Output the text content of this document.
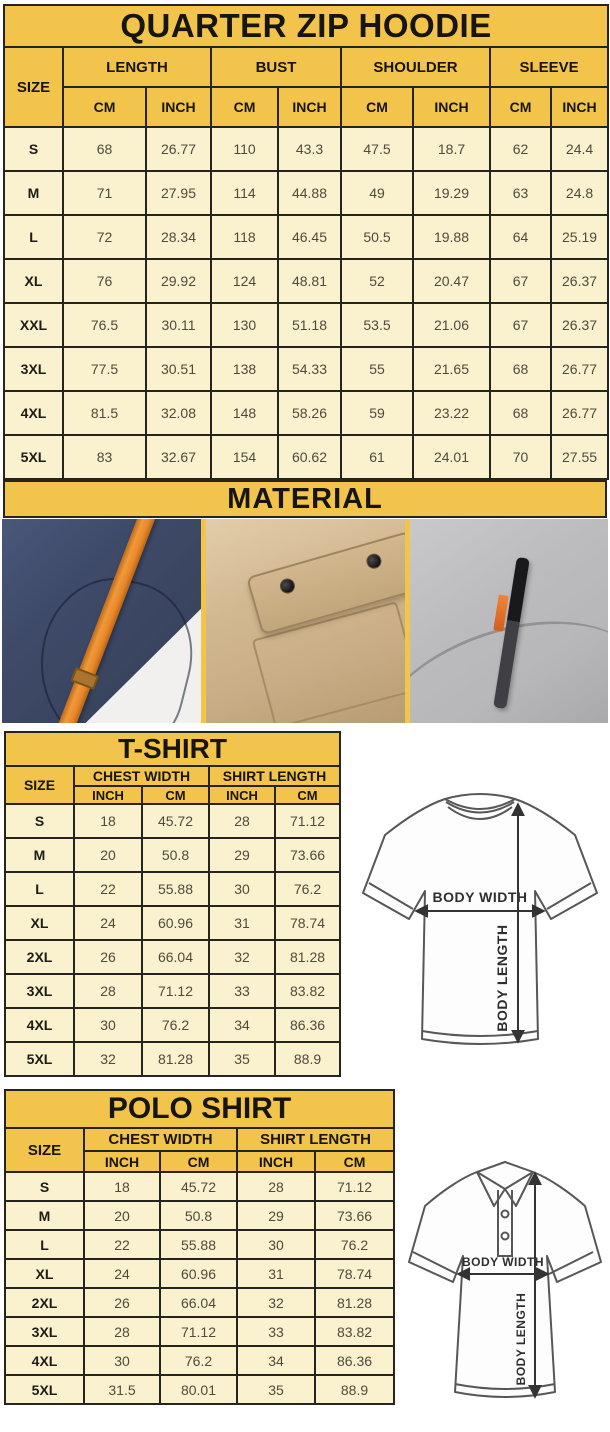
QUARTER ZIP HOODIE								
SIZE	LENGTH		BUST		SHOULDER		SLEEVE	
	CM	INCH	CM	INCH	CM	INCH	CM	INCH
S	68	26.77	110	43.3	47.5	18.7	62	24.4
M	71	27.95	114	44.88	49	19.29	63	24.8
L	72	28.34	118	46.45	50.5	19.88	64	25.19
XL	76	29.92	124	48.81	52	20.47	67	26.37
XXL	76.5	30.11	130	51.18	53.5	21.06	67	26.37
3XL	77.5	30.51	138	54.33	55	21.65	68	26.77
4XL	81.5	32.08	148	58.26	59	23.22	68	26.77
5XL	83	32.67	154	60.62	61	24.01	70	27.55
MATERIAL
T-SHIRT				
SIZE	CHEST WIDTH		SHIRT LENGTH	
	INCH	CM	INCH	CM
S	18	45.72	28	71.12
M	20	50.8	29	73.66
L	22	55.88	30	76.2
XL	24	60.96	31	78.74
2XL	26	66.04	32	81.28
3XL	28	71.12	33	83.82
4XL	30	76.2	34	86.36
5XL	32	81.28	35	88.9
BODY WIDTH
BODY LENGTH
POLO SHIRT				
SIZE	CHEST WIDTH		SHIRT LENGTH	
	INCH	CM	INCH	CM
S	18	45.72	28	71.12
M	20	50.8	29	73.66
L	22	55.88	30	76.2
XL	24	60.96	31	78.74
2XL	26	66.04	32	81.28
3XL	28	71.12	33	83.82
4XL	30	76.2	34	86.36
5XL	31.5	80.01	35	88.9
BODY WIDTH
BODY LENGTH
